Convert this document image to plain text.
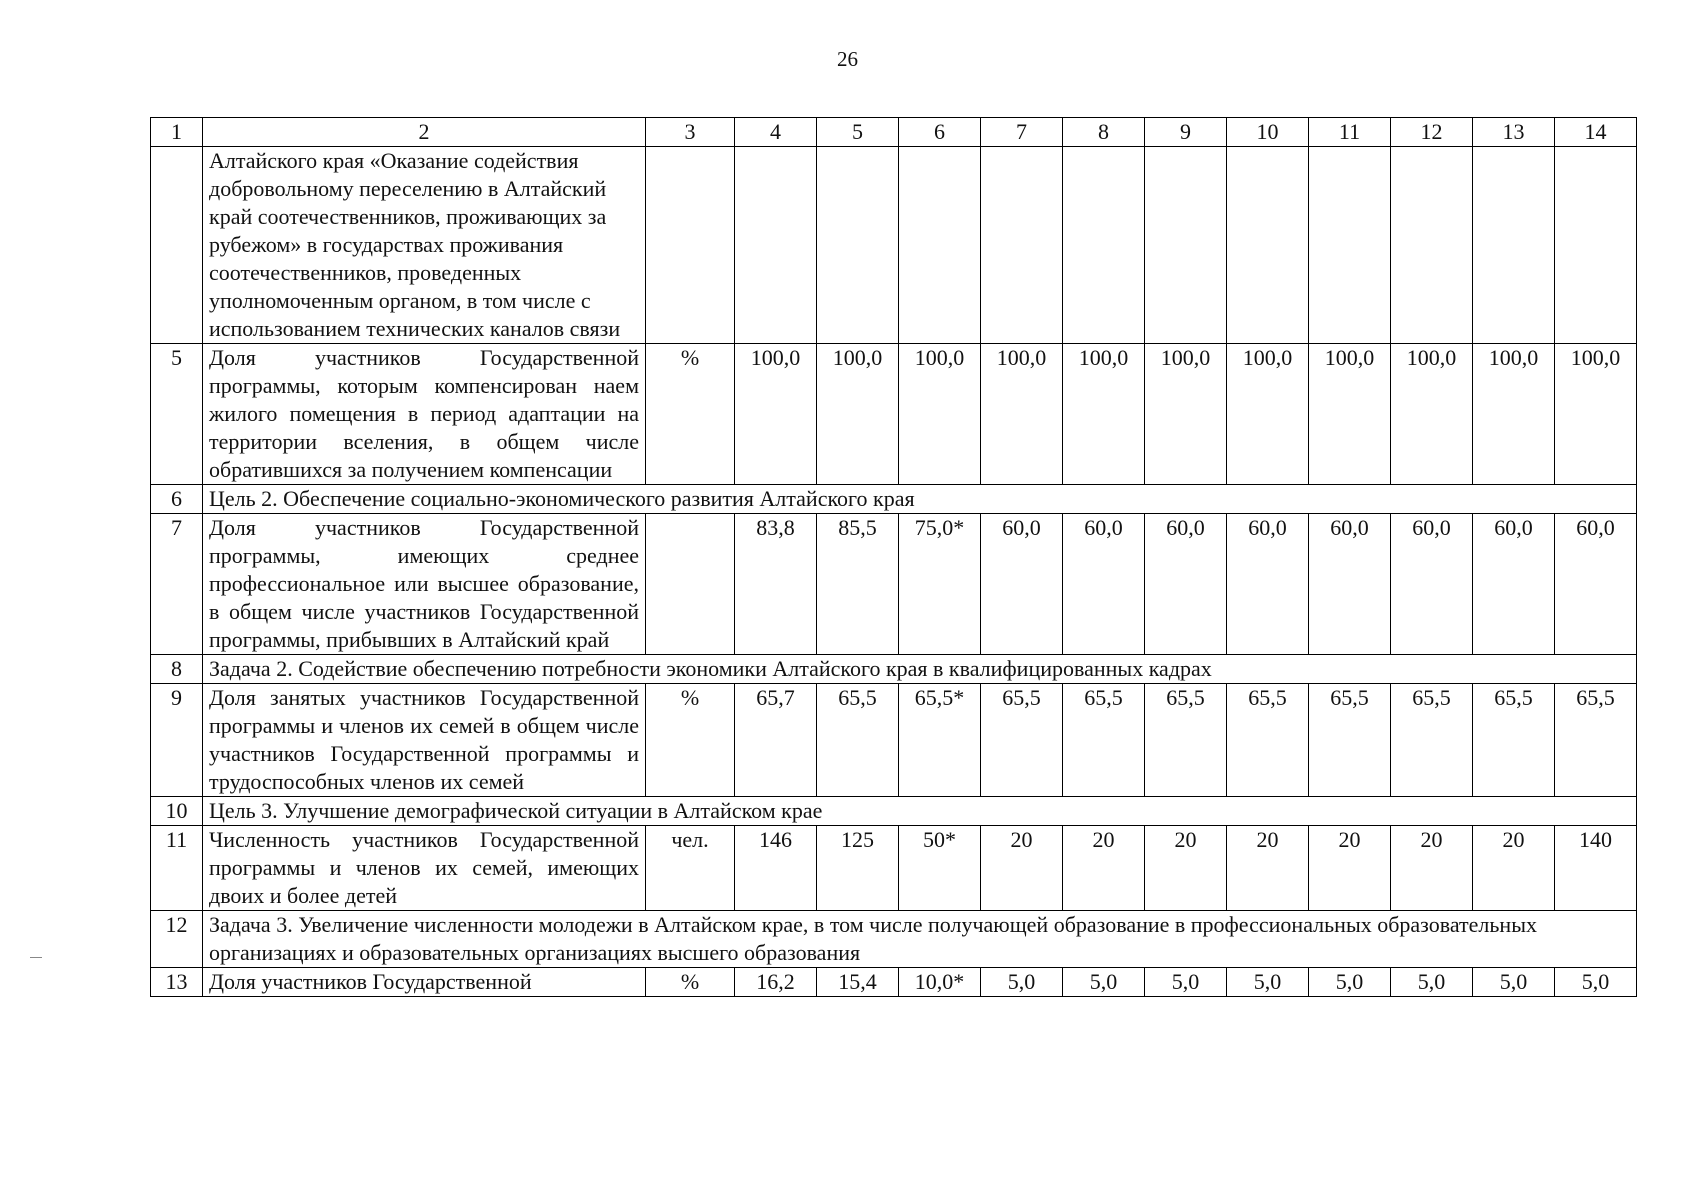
26
1	2	3	4	5	6	7	8	9	10	11	12	13	14
	Алтайского края «Оказание содействия добровольному переселению в Алтайский край соотечественников, проживающих за рубежом» в государствах проживания соотечественников, проведенных уполномоченным органом, в том числе с использованием технических каналов связи												
5	Доля участников Государственной программы, которым компенсирован наем жилого помещения в период адаптации на территории вселения, в общем числе обратившихся за получением компенсации	%	100,0	100,0	100,0	100,0	100,0	100,0	100,0	100,0	100,0	100,0	100,0
6	Цель 2. Обеспечение социально-экономического развития Алтайского края												
7	Доля участников Государственной программы, имеющих среднее профессиональное или высшее образование, в общем числе участников Государственной программы, прибывших в Алтайский край		83,8	85,5	75,0*	60,0	60,0	60,0	60,0	60,0	60,0	60,0	60,0
8	Задача 2. Содействие обеспечению потребности экономики Алтайского края в квалифицированных кадрах												
9	Доля занятых участников Государственной программы и членов их семей в общем числе участников Государственной программы и трудоспособных членов их семей	%	65,7	65,5	65,5*	65,5	65,5	65,5	65,5	65,5	65,5	65,5	65,5
10	Цель 3. Улучшение демографической ситуации в Алтайском крае												
11	Численность участников Государственной программы и членов их семей, имеющих двоих и более детей	чел.	146	125	50*	20	20	20	20	20	20	20	140
12	Задача 3. Увеличение численности молодежи в Алтайском крае, в том числе получающей образование в профессиональных образовательных организациях и образовательных организациях высшего образования												
13	Доля участников Государственной	%	16,2	15,4	10,0*	5,0	5,0	5,0	5,0	5,0	5,0	5,0	5,0
